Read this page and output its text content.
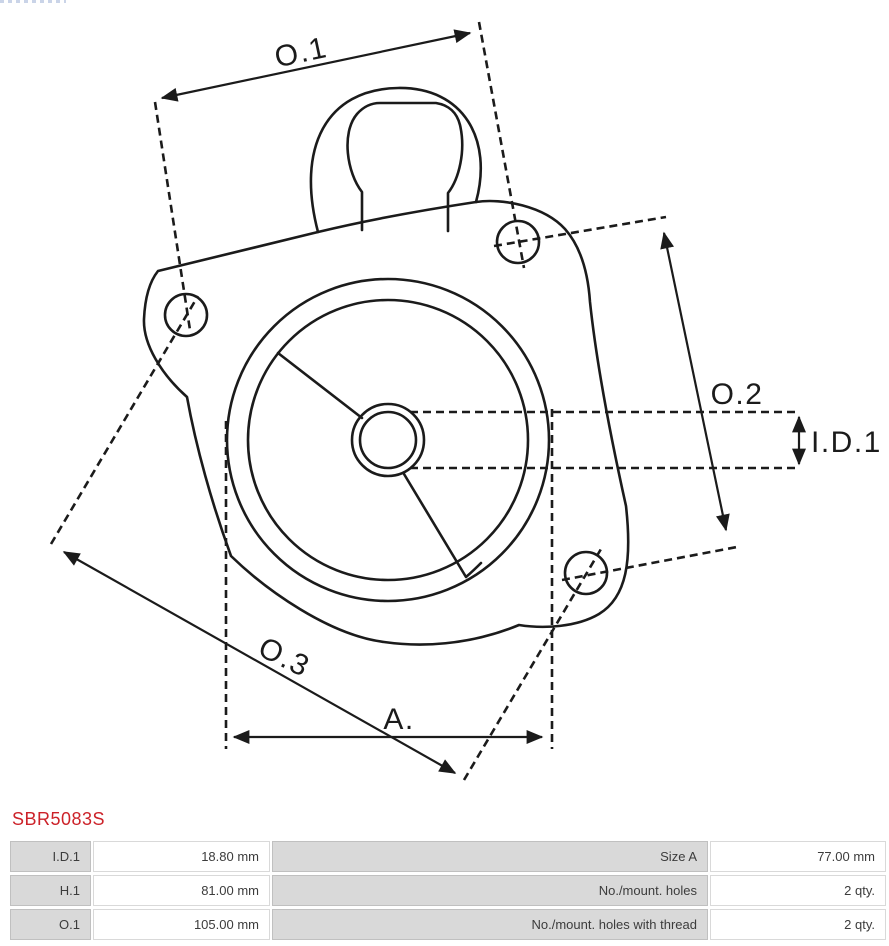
O.1
O.2
O.3
A.
I.D.1
SBR5083S
I.D.1	18.80 mm	Size A	77.00 mm
H.1	81.00 mm	No./mount. holes	2 qty.
O.1	105.00 mm	No./mount. holes with thread	2 qty.
